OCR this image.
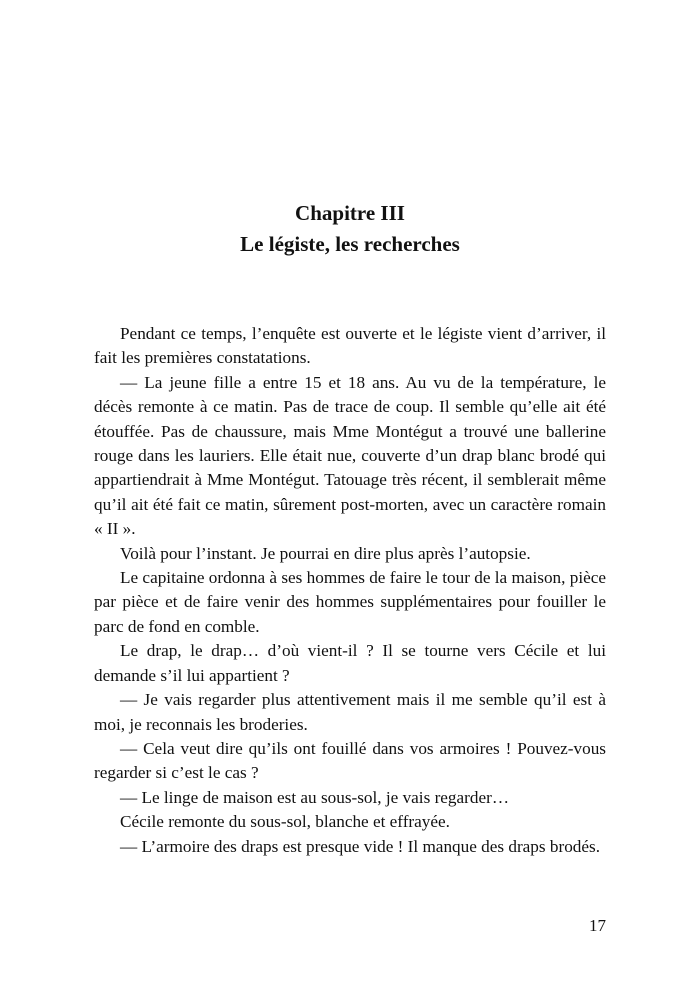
Chapitre III
Le légiste, les recherches

Pendant ce temps, l’enquête est ouverte et le légiste vient d’arriver, il fait les premières constatations.

— La jeune fille a entre 15 et 18 ans. Au vu de la température, le décès remonte à ce matin. Pas de trace de coup. Il semble qu’elle ait été étouffée. Pas de chaussure, mais Mme Montégut a trouvé une ballerine rouge dans les lauriers. Elle était nue, couverte d’un drap blanc brodé qui appartiendrait à Mme Montégut. Tatouage très récent, il semblerait même qu’il ait été fait ce matin, sûrement post-morten, avec un caractère romain « II ».

Voilà pour l’instant. Je pourrai en dire plus après l’autopsie.

Le capitaine ordonna à ses hommes de faire le tour de la maison, pièce par pièce et de faire venir des hommes supplémentaires pour fouiller le parc de fond en comble.

Le drap, le drap… d’où vient-il ? Il se tourne vers Cécile et lui demande s’il lui appartient ?

— Je vais regarder plus attentivement mais il me semble qu’il est à moi, je reconnais les broderies.

— Cela veut dire qu’ils ont fouillé dans vos armoires ! Pouvez-vous regarder si c’est le cas ?

— Le linge de maison est au sous-sol, je vais regarder…

Cécile remonte du sous-sol, blanche et effrayée.

— L’armoire des draps est presque vide ! Il manque des draps brodés.

17
